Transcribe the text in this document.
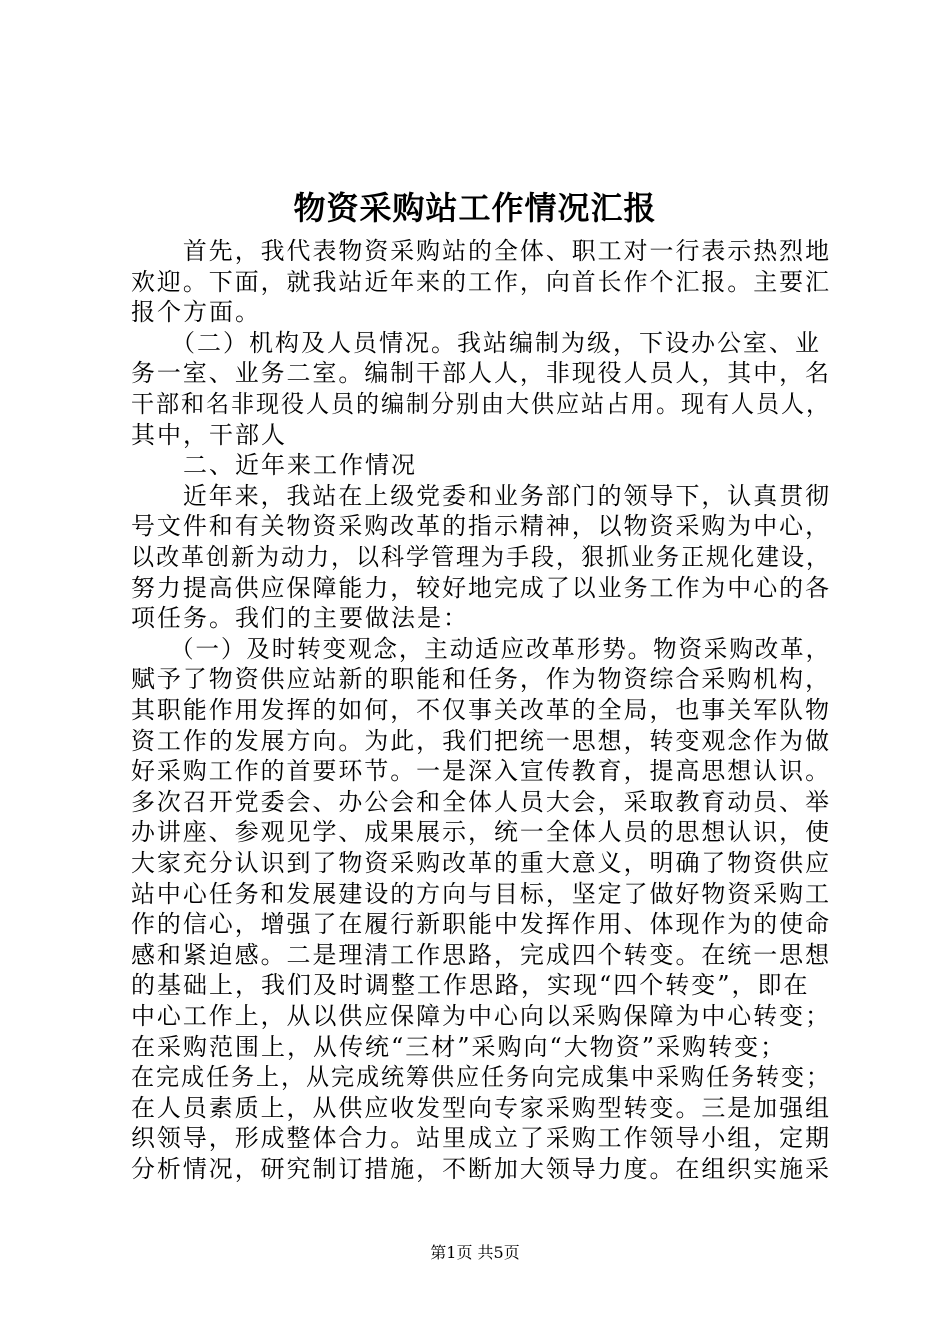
物资采购站工作情况汇报
　　首先，我代表物资采购站的全体、职工对一行表示热烈地
欢迎。下面，就我站近年来的工作，向首长作个汇报。主要汇
报个方面。
　　（二）机构及人员情况。我站编制为级，下设办公室、业
务一室、业务二室。编制干部人人，非现役人员人，其中，名
干部和名非现役人员的编制分别由大供应站占用。现有人员人，
其中，干部人
　　二、近年来工作情况
　　近年来，我站在上级党委和业务部门的领导下，认真贯彻
号文件和有关物资采购改革的指示精神，以物资采购为中心，
以改革创新为动力，以科学管理为手段，狠抓业务正规化建设，
努力提高供应保障能力，较好地完成了以业务工作为中心的各
项任务。我们的主要做法是：
　　（一）及时转变观念，主动适应改革形势。物资采购改革，
赋予了物资供应站新的职能和任务，作为物资综合采购机构，
其职能作用发挥的如何，不仅事关改革的全局，也事关军队物
资工作的发展方向。为此，我们把统一思想，转变观念作为做
好采购工作的首要环节。一是深入宣传教育，提高思想认识。
多次召开党委会、办公会和全体人员大会，采取教育动员、举
办讲座、参观见学、成果展示，统一全体人员的思想认识，使
大家充分认识到了物资采购改革的重大意义，明确了物资供应
站中心任务和发展建设的方向与目标，坚定了做好物资采购工
作的信心，增强了在履行新职能中发挥作用、体现作为的使命
感和紧迫感。二是理清工作思路，完成四个转变。在统一思想
的基础上，我们及时调整工作思路，实现“四个转变”，即在
中心工作上，从以供应保障为中心向以采购保障为中心转变；
在采购范围上，从传统“三材”采购向“大物资”采购转变；
在完成任务上，从完成统筹供应任务向完成集中采购任务转变；
在人员素质上，从供应收发型向专家采购型转变。三是加强组
织领导，形成整体合力。站里成立了采购工作领导小组，定期
分析情况，研究制订措施，不断加大领导力度。在组织实施采
第1页 共5页
